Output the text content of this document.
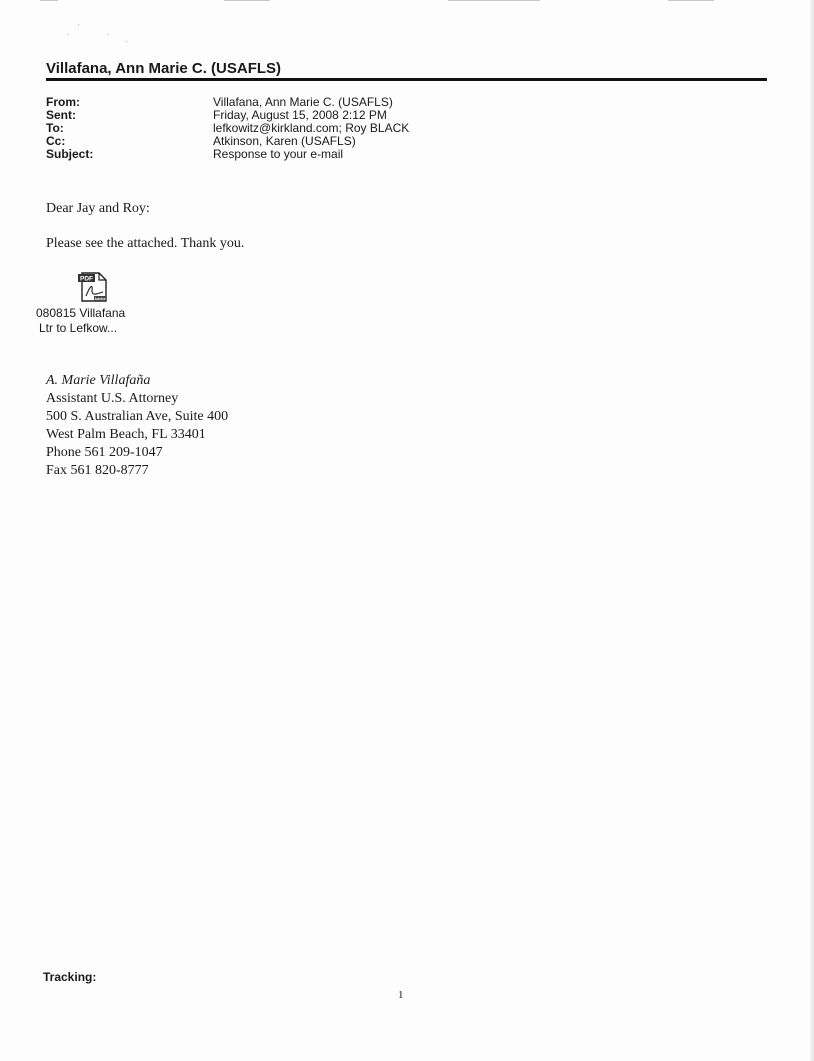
Villafana, Ann Marie C. (USAFLS)
From:
Sent:
To:
Cc:
Subject:
Villafana, Ann Marie C. (USAFLS)
Friday, August 15, 2008 2:12 PM
lefkowitz@kirkland.com; Roy BLACK
Atkinson, Karen (USAFLS)
Response to your e-mail
Dear Jay and Roy:
Please see the attached. Thank you.
PDF
Adobe
080815 Villafana
Ltr to Lefkow...
A. Marie Villafaña
Assistant U.S. Attorney
500 S. Australian Ave, Suite 400
West Palm Beach, FL 33401
Phone 561 209-1047
Fax 561 820-8777
Tracking:
1
